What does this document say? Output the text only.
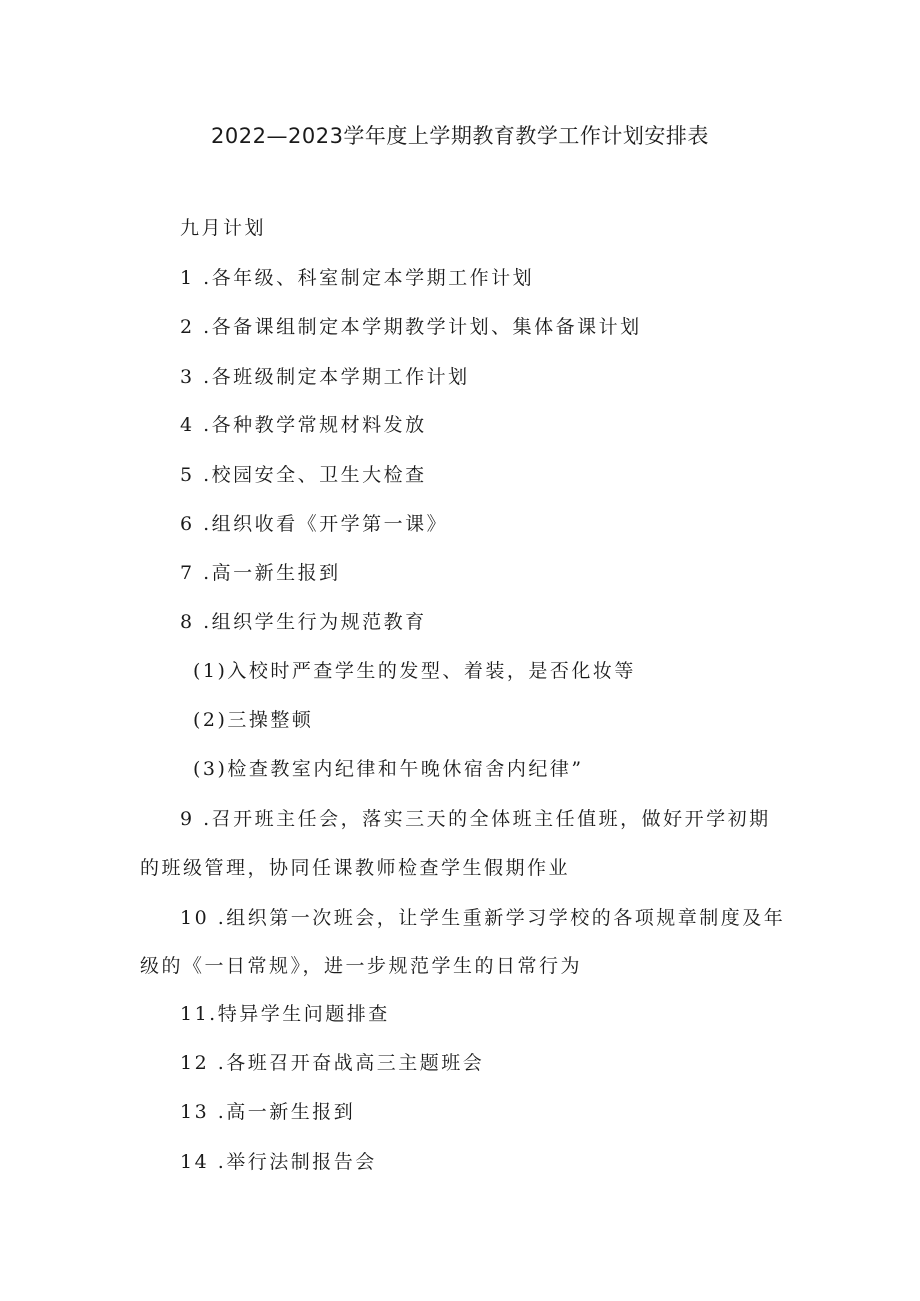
2022—2023学年度上学期教育教学工作计划安排表
九月计划
1 .各年级、科室制定本学期工作计划
2 .各备课组制定本学期教学计划、集体备课计划
3 .各班级制定本学期工作计划
4 .各种教学常规材料发放
5 .校园安全、卫生大检查
6 .组织收看《开学第一课》
7 .高一新生报到
8 .组织学生行为规范教育
(1)入校时严查学生的发型、着装，是否化妆等
(2)三操整顿
(3)检查教室内纪律和午晚休宿舍内纪律”
9 .召开班主任会，落实三天的全体班主任值班，做好开学初期
的班级管理，协同任课教师检查学生假期作业
10 .组织第一次班会，让学生重新学习学校的各项规章制度及年
级的《一日常规》，进一步规范学生的日常行为
11.特异学生问题排查
12 .各班召开奋战高三主题班会
13 .高一新生报到
14 .举行法制报告会
